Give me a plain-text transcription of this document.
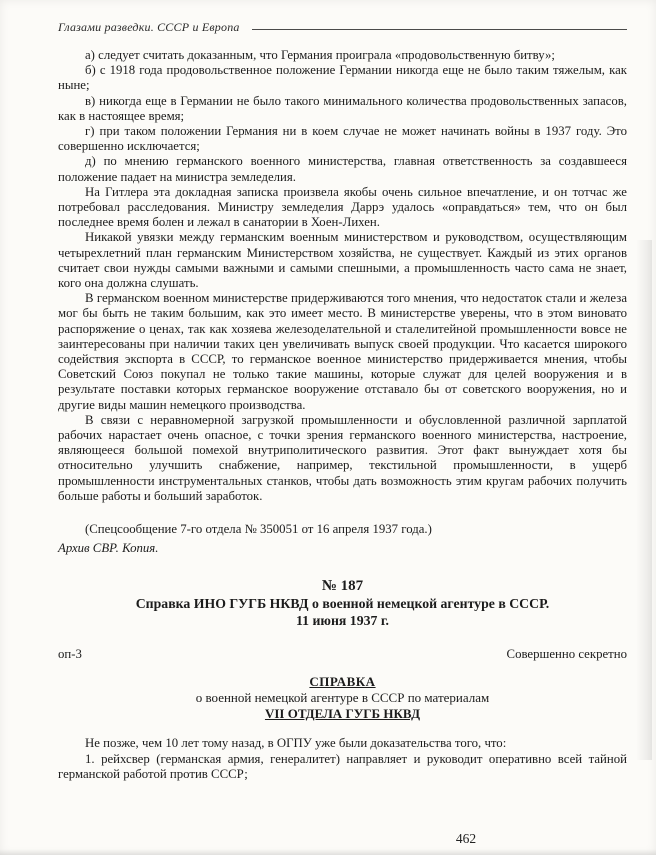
Глазами разведки. СССР и Европа

а) следует считать доказанным, что Германия проиграла «продовольственную битву»;

б) с 1918 года продовольственное положение Германии никогда еще не было таким тяжелым, как ныне;

в) никогда еще в Германии не было такого минимального количества продовольственных запасов, как в настоящее время;

г) при таком положении Германия ни в коем случае не может начинать войны в 1937 году. Это совершенно исключается;

д) по мнению германского военного министерства, главная ответственность за создавшееся положение падает на министра земледелия.

На Гитлера эта докладная записка произвела якобы очень сильное впечатление, и он тотчас же потребовал расследования. Министру земледелия Даррэ удалось «оправдаться» тем, что он был последнее время болен и лежал в санатории в Хоен-Лихен.

Никакой увязки между германским военным министерством и руководством, осуществляющим четырехлетний план германским Министерством хозяйства, не существует. Каждый из этих органов считает свои нужды самыми важными и самыми спешными, а промышленность часто сама не знает, кого она должна слушать.

В германском военном министерстве придерживаются того мнения, что недостаток стали и железа мог бы быть не таким большим, как это имеет место. В министерстве уверены, что в этом виновато распоряжение о ценах, так как хозяева железоделательной и сталелитейной промышленности вовсе не заинтересованы при наличии таких цен увеличивать выпуск своей продукции. Что касается широкого содействия экспорта в СССР, то германское военное министерство придерживается мнения, чтобы Советский Союз покупал не только такие машины, которые служат для целей вооружения и в результате поставки которых германское вооружение отставало бы от советского вооружения, но и другие виды машин немецкого производства.

В связи с неравномерной загрузкой промышленности и обусловленной различной зарплатой рабочих нарастает очень опасное, с точки зрения германского военного министерства, настроение, являющееся большой помехой внутриполитического развития. Этот факт вынуждает хотя бы относительно улучшить снабжение, например, текстильной промышленности, в ущерб промышленности инструментальных станков, чтобы дать возможность этим кругам рабочих получить больше работы и больший заработок.

(Спецсообщение 7-го отдела № 350051 от 16 апреля 1937 года.)
Архив СВР. Копия.
№ 187
Справка ИНО ГУГБ НКВД о военной немецкой агентуре в СССР.
11 июня 1937 г.
оп-3	Совершенно секретно
СПРАВКА
о военной немецкой агентуре в СССР по материалам
VII ОТДЕЛА ГУГБ НКВД

Не позже, чем 10 лет тому назад, в ОГПУ уже были доказательства того, что:

1. рейхсвер (германская армия, генералитет) направляет и руководит оперативно всей тайной германской работой против СССР;

462
